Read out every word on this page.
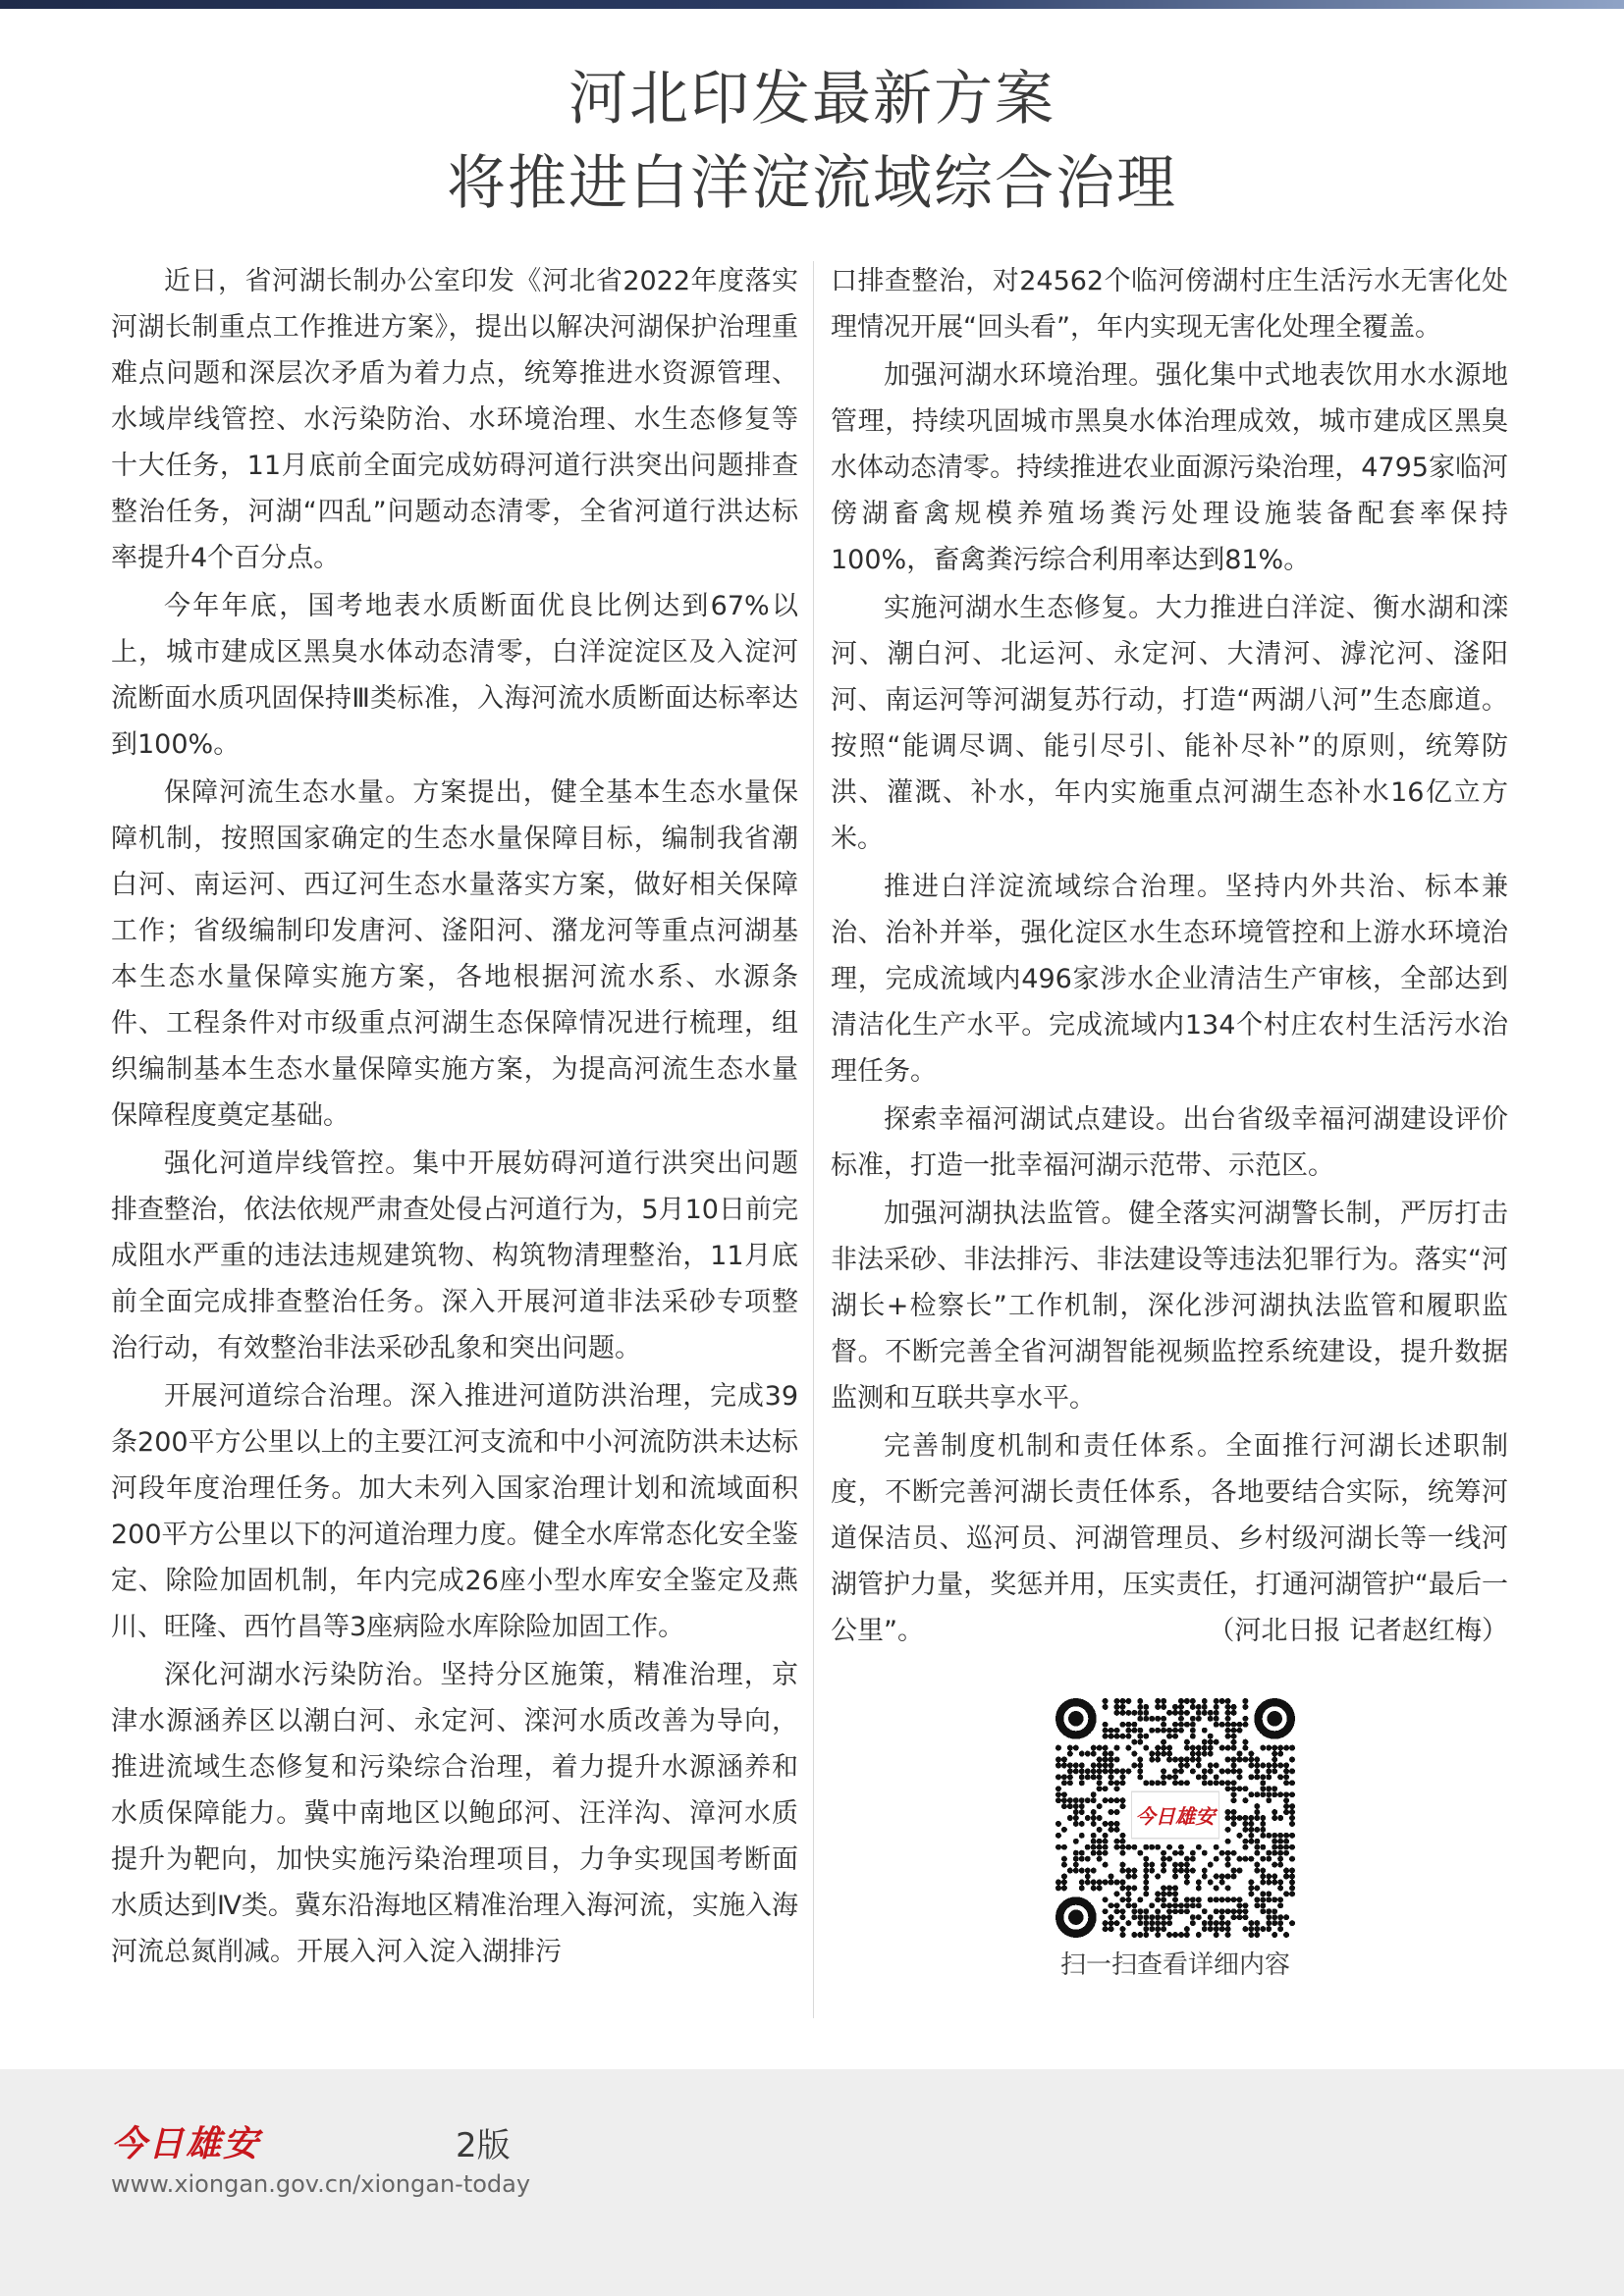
河北印发最新方案
将推进白洋淀流域综合治理

近日，省河湖长制办公室印发《河北省2022年度落实河湖长制重点工作推进方案》，提出以解决河湖保护治理重难点问题和深层次矛盾为着力点，统筹推进水资源管理、水域岸线管控、水污染防治、水环境治理、水生态修复等十大任务，11月底前全面完成妨碍河道行洪突出问题排查整治任务，河湖“四乱”问题动态清零，全省河道行洪达标率提升4个百分点。

今年年底，国考地表水质断面优良比例达到67%以上，城市建成区黑臭水体动态清零，白洋淀淀区及入淀河流断面水质巩固保持Ⅲ类标准，入海河流水质断面达标率达到100%。

保障河流生态水量。方案提出，健全基本生态水量保障机制，按照国家确定的生态水量保障目标，编制我省潮白河、南运河、西辽河生态水量落实方案，做好相关保障工作；省级编制印发唐河、滏阳河、潴龙河等重点河湖基本生态水量保障实施方案，各地根据河流水系、水源条件、工程条件对市级重点河湖生态保障情况进行梳理，组织编制基本生态水量保障实施方案，为提高河流生态水量保障程度奠定基础。

强化河道岸线管控。集中开展妨碍河道行洪突出问题排查整治，依法依规严肃查处侵占河道行为，5月10日前完成阻水严重的违法违规建筑物、构筑物清理整治，11月底前全面完成排查整治任务。深入开展河道非法采砂专项整治行动，有效整治非法采砂乱象和突出问题。

开展河道综合治理。深入推进河道防洪治理，完成39条200平方公里以上的主要江河支流和中小河流防洪未达标河段年度治理任务。加大未列入国家治理计划和流域面积200平方公里以下的河道治理力度。健全水库常态化安全鉴定、除险加固机制，年内完成26座小型水库安全鉴定及燕川、旺隆、西竹昌等3座病险水库除险加固工作。

深化河湖水污染防治。坚持分区施策，精准治理，京津水源涵养区以潮白河、永定河、滦河水质改善为导向，推进流域生态修复和污染综合治理，着力提升水源涵养和水质保障能力。冀中南地区以鲍邱河、汪洋沟、漳河水质提升为靶向，加快实施污染治理项目，力争实现国考断面水质达到Ⅳ类。冀东沿海地区精准治理入海河流，实施入海河流总氮削减。开展入河入淀入湖排污

口排查整治，对24562个临河傍湖村庄生活污水无害化处理情况开展“回头看”，年内实现无害化处理全覆盖。

加强河湖水环境治理。强化集中式地表饮用水水源地管理，持续巩固城市黑臭水体治理成效，城市建成区黑臭水体动态清零。持续推进农业面源污染治理，4795家临河傍湖畜禽规模养殖场粪污处理设施装备配套率保持100%，畜禽粪污综合利用率达到81%。

实施河湖水生态修复。大力推进白洋淀、衡水湖和滦河、潮白河、北运河、永定河、大清河、滹沱河、滏阳河、南运河等河湖复苏行动，打造“两湖八河”生态廊道。按照“能调尽调、能引尽引、能补尽补”的原则，统筹防洪、灌溉、补水，年内实施重点河湖生态补水16亿立方米。

推进白洋淀流域综合治理。坚持内外共治、标本兼治、治补并举，强化淀区水生态环境管控和上游水环境治理，完成流域内496家涉水企业清洁生产审核，全部达到清洁化生产水平。完成流域内134个村庄农村生活污水治理任务。

探索幸福河湖试点建设。出台省级幸福河湖建设评价标准，打造一批幸福河湖示范带、示范区。

加强河湖执法监管。健全落实河湖警长制，严厉打击非法采砂、非法排污、非法建设等违法犯罪行为。落实“河湖长+检察长”工作机制，深化涉河湖执法监管和履职监督。不断完善全省河湖智能视频监控系统建设，提升数据监测和互联共享水平。

完善制度机制和责任体系。全面推行河湖长述职制度，不断完善河湖长责任体系，各地要结合实际，统筹河道保洁员、巡河员、河湖管理员、乡村级河湖长等一线河湖管护力量，奖惩并用，压实责任，打通河湖管护“最后一公里”。	（河北日报 记者赵红梅）

今日雄安
扫一扫查看详细内容
今日雄安	2版
www.xiongan.gov.cn/xiongan-today
